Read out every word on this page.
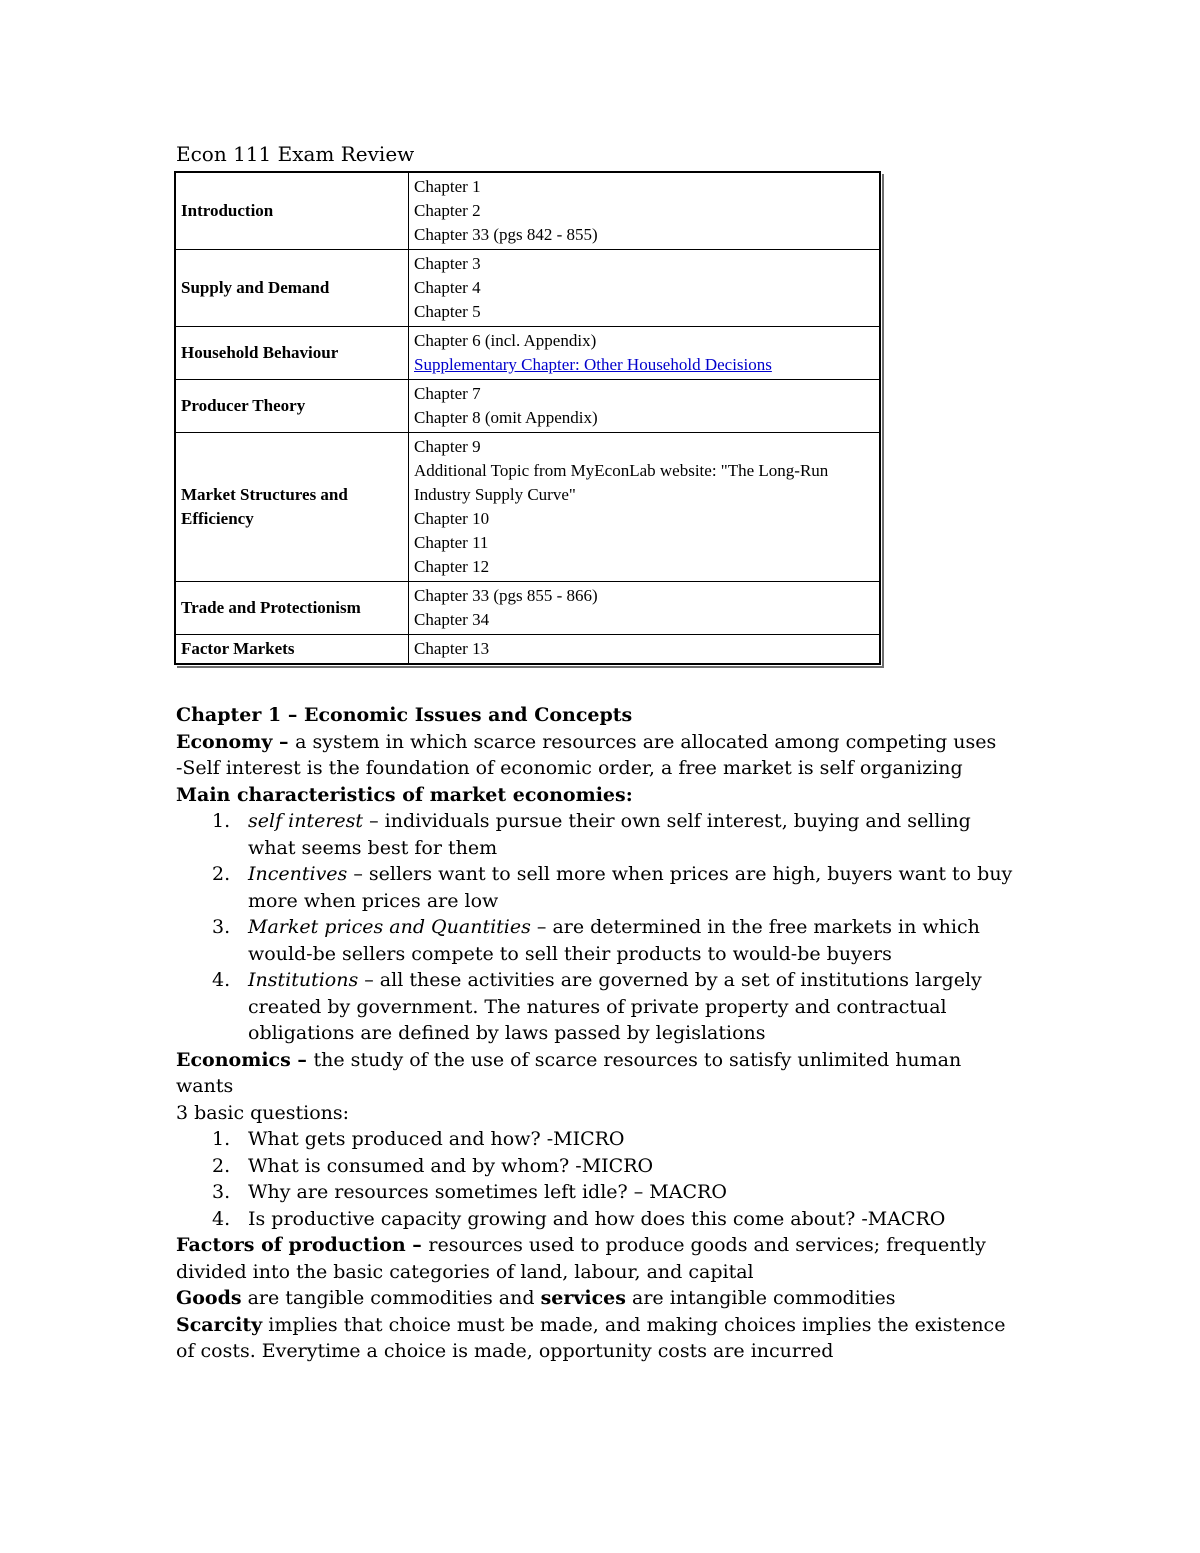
Econ 111 Exam Review
Introduction	Chapter 1
Chapter 2
Chapter 33 (pgs 842 - 855)

Supply and Demand	Chapter 3
Chapter 4
Chapter 5

Household Behaviour	Chapter 6 (incl. Appendix)
Supplementary Chapter: Other Household Decisions

Producer Theory	Chapter 7
Chapter 8 (omit Appendix)

Market Structures and Efficiency	Chapter 9
Additional Topic from MyEconLab website: "The Long-Run Industry Supply Curve"
Chapter 10
Chapter 11
Chapter 12

Trade and Protectionism	Chapter 33 (pgs 855 - 866)
Chapter 34

Factor Markets	Chapter 13
Chapter 1 – Economic Issues and Concepts
Economy – a system in which scarce resources are allocated among competing uses
-Self interest is the foundation of economic order, a free market is self organizing
Main characteristics of market economies:
1. self interest – individuals pursue their own self interest, buying and selling what seems best for them
2. Incentives – sellers want to sell more when prices are high, buyers want to buy more when prices are low
3. Market prices and Quantities – are determined in the free markets in which would-be sellers compete to sell their products to would-be buyers
4. Institutions – all these activities are governed by a set of institutions largely created by government. The natures of private property and contractual obligations are defined by laws passed by legislations
Economics – the study of the use of scarce resources to satisfy unlimited human wants
3 basic questions:
1. What gets produced and how? -MICRO
2. What is consumed and by whom? -MICRO
3. Why are resources sometimes left idle? – MACRO
4. Is productive capacity growing and how does this come about? -MACRO
Factors of production – resources used to produce goods and services; frequently divided into the basic categories of land, labour, and capital
Goods are tangible commodities and services are intangible commodities
Scarcity implies that choice must be made, and making choices implies the existence of costs. Everytime a choice is made, opportunity costs are incurred
